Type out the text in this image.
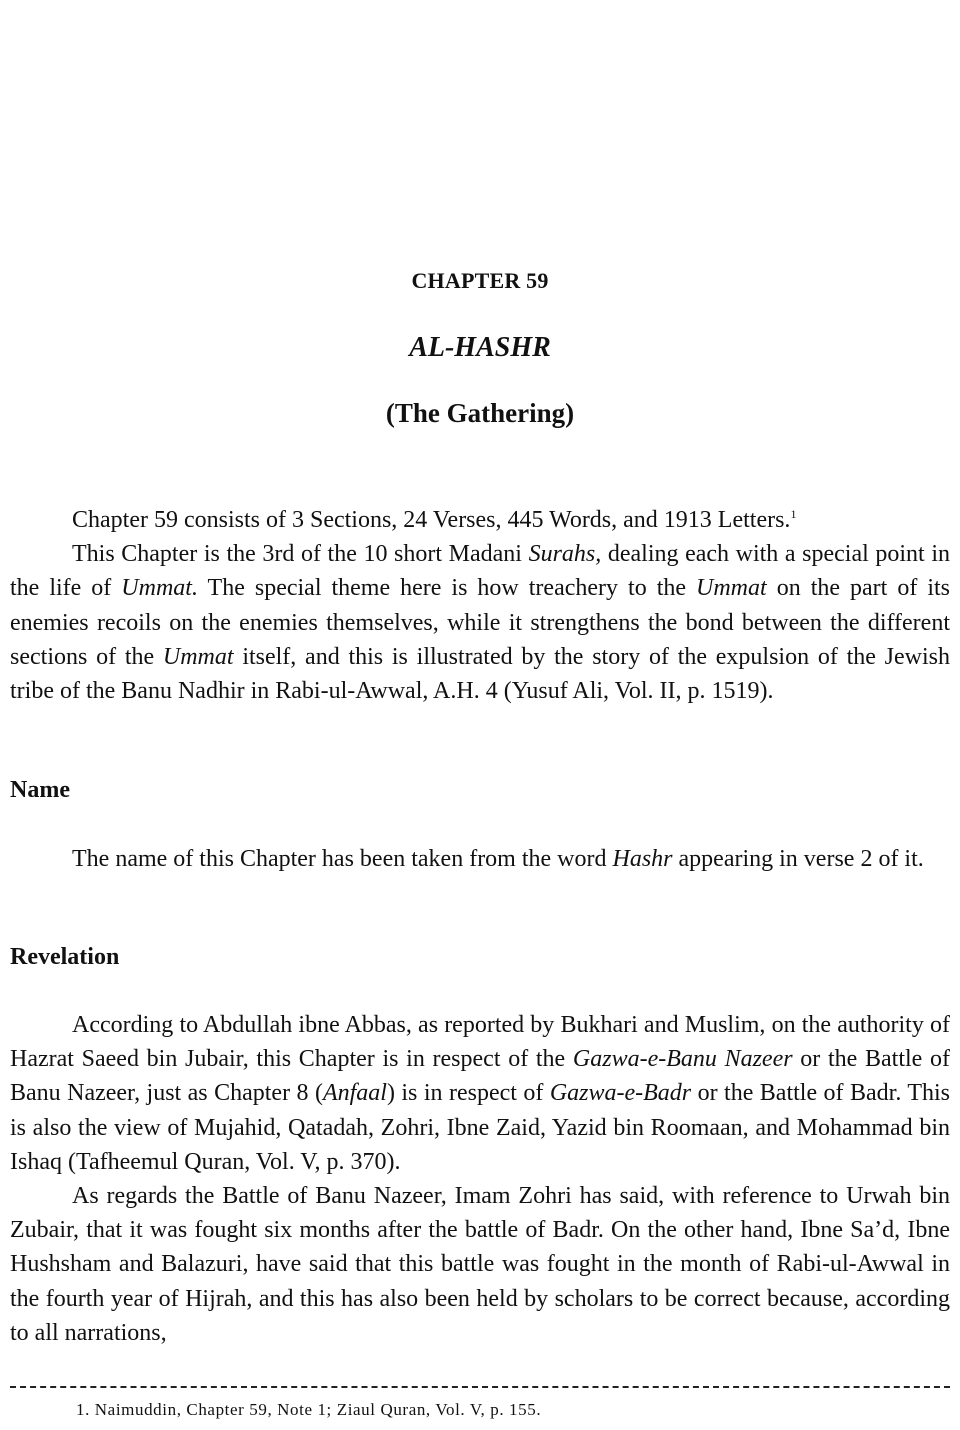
CHAPTER 59
AL-HASHR
(The Gathering)

Chapter 59 consists of 3 Sections, 24 Verses, 445 Words, and 1913 Letters.$^1$

This Chapter is the 3rd of the 10 short Madani Surahs, dealing each with a special point in the life of Ummat. The special theme here is how treachery to the Ummat on the part of its enemies recoils on the enemies themselves, while it strengthens the bond between the different sections of the Ummat itself, and this is illustrated by the story of the expulsion of the Jewish tribe of the Banu Nadhir in Rabi-ul-Awwal, A.H. 4 (Yusuf Ali, Vol. II, p. 1519).

Name

The name of this Chapter has been taken from the word Hashr appearing in verse 2 of it.

Revelation

According to Abdullah ibne Abbas, as reported by Bukhari and Muslim, on the authority of Hazrat Saeed bin Jubair, this Chapter is in respect of the Gazwa-e-Banu Nazeer or the Battle of Banu Nazeer, just as Chapter 8 (Anfaal) is in respect of Gazwa-e-Badr or the Battle of Badr. This is also the view of Mujahid, Qatadah, Zohri, Ibne Zaid, Yazid bin Roomaan, and Mohammad bin Ishaq (Tafheemul Quran, Vol. V, p. 370).

As regards the Battle of Banu Nazeer, Imam Zohri has said, with reference to Urwah bin Zubair, that it was fought six months after the battle of Badr. On the other hand, Ibne Sa’d, Ibne Hushsham and Balazuri, have said that this battle was fought in the month of Rabi-ul-Awwal in the fourth year of Hijrah, and this has also been held by scholars to be correct because, according to all narrations,

1. Naimuddin, Chapter 59, Note 1; Ziaul Quran, Vol. V, p. 155.
